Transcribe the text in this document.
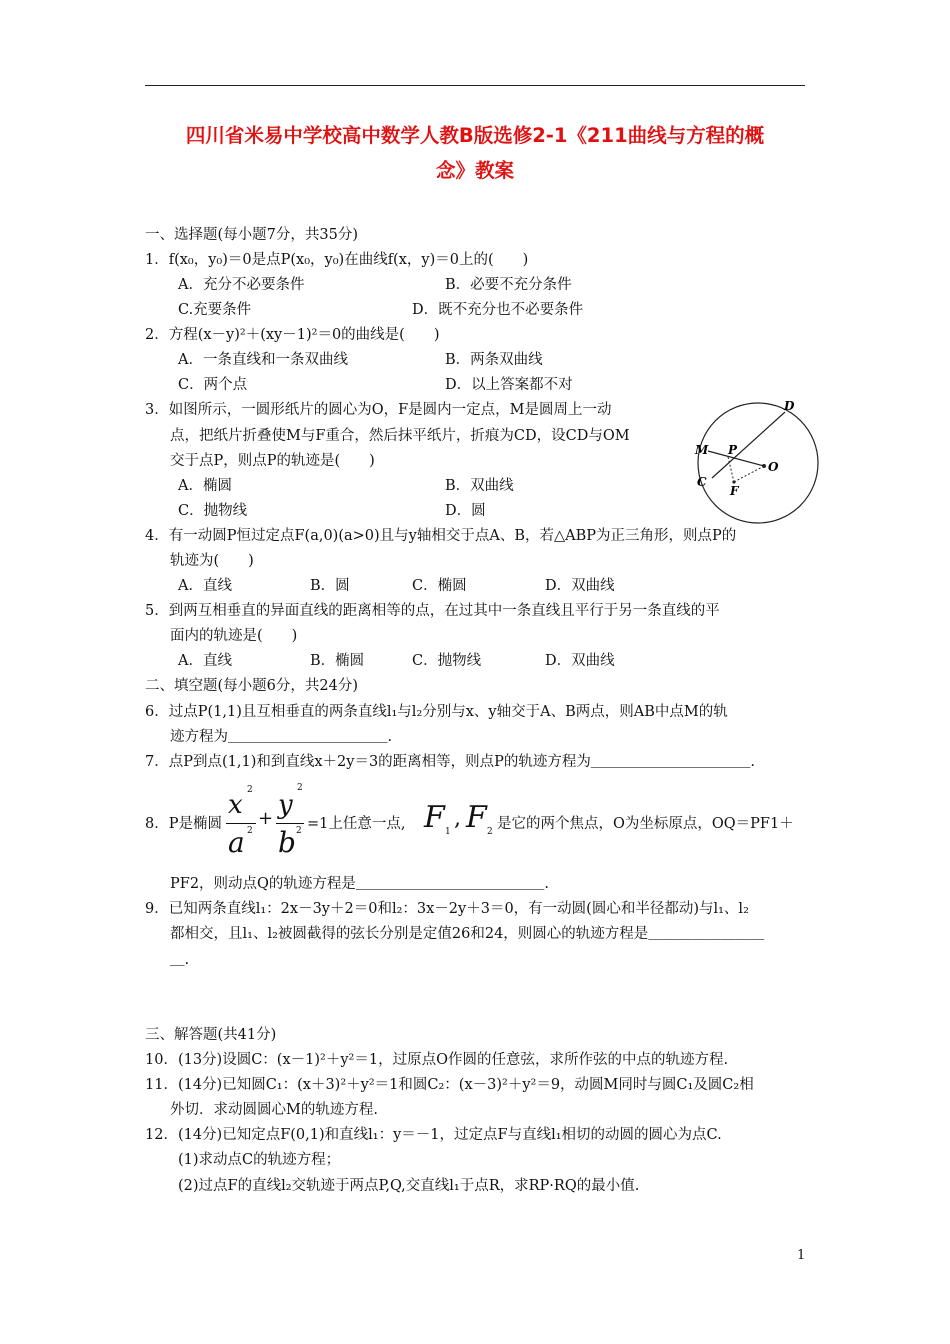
四川省米易中学校高中数学人教B版选修2-1《211曲线与方程的概
念》教案
一、选择题(每小题7分，共35分)
1．f(x₀，y₀)＝0是点P(x₀，y₀)在曲线f(x，y)＝0上的(　　)
A．充分不必要条件	B．必要不充分条件
C.充要条件	D．既不充分也不必要条件
2．方程(x－y)²＋(xy－1)²＝0的曲线是(　　)
A．一条直线和一条双曲线	B．两条双曲线
C．两个点	D．以上答案都不对
3．如图所示，一圆形纸片的圆心为O，F是圆内一定点，M是圆周上一动
点，把纸片折叠使M与F重合，然后抹平纸片，折痕为CD，设CD与OM
交于点P，则点P的轨迹是(　　)
A．椭圆	B．双曲线
C．抛物线	D．圆
D
M P
O
C
F
4．有一动圆P恒过定点F(a,0)(a>0)且与y轴相交于点A、B，若△ABP为正三角形，则点P的
轨迹为(　　)
A．直线	B．圆	C．椭圆	D．双曲线
5．到两互相垂直的异面直线的距离相等的点，在过其中一条直线且平行于另一条直线的平
面内的轨迹是(　　)
A．直线	B．椭圆	C．抛物线	D．双曲线
二、填空题(每小题6分，共24分)
6．过点P(1,1)且互相垂直的两条直线l₁与l₂分别与x、y轴交于A、B两点，则AB中点M的轨
迹方程为＿＿＿＿＿＿＿＿＿＿＿.
7．点P到点(1,1)和到直线x＋2y＝3的距离相等，则点P的轨迹方程为＿＿＿＿＿＿＿＿＿＿＿.
8．P是椭圆
x 2
a 2
+ y
2
b 2 =1上任意一点, F 1
, F 2 是它的两个焦点，O为坐标原点，OQ＝PF1＋
PF2，则动点Q的轨迹方程是＿＿＿＿＿＿＿＿＿＿＿＿＿.
9．已知两条直线l₁：2x－3y＋2＝0和l₂：3x－2y＋3＝0，有一动圆(圆心和半径都动)与l₁、l₂
都相交，且l₁、l₂被圆截得的弦长分别是定值26和24，则圆心的轨迹方程是＿＿＿＿＿＿＿＿
＿.
三、解答题(共41分)
10．(13分)设圆C：(x－1)²＋y²＝1，过原点O作圆的任意弦，求所作弦的中点的轨迹方程.
11．(14分)已知圆C₁：(x＋3)²＋y²＝1和圆C₂：(x－3)²＋y²＝9，动圆M同时与圆C₁及圆C₂相
外切．求动圆圆心M的轨迹方程.
12．(14分)已知定点F(0,1)和直线l₁：y＝－1，过定点F与直线l₁相切的动圆的圆心为点C.
(1)求动点C的轨迹方程；
(2)过点F的直线l₂交轨迹于两点P,Q,交直线l₁于点R，求RP·RQ的最小值.
1
